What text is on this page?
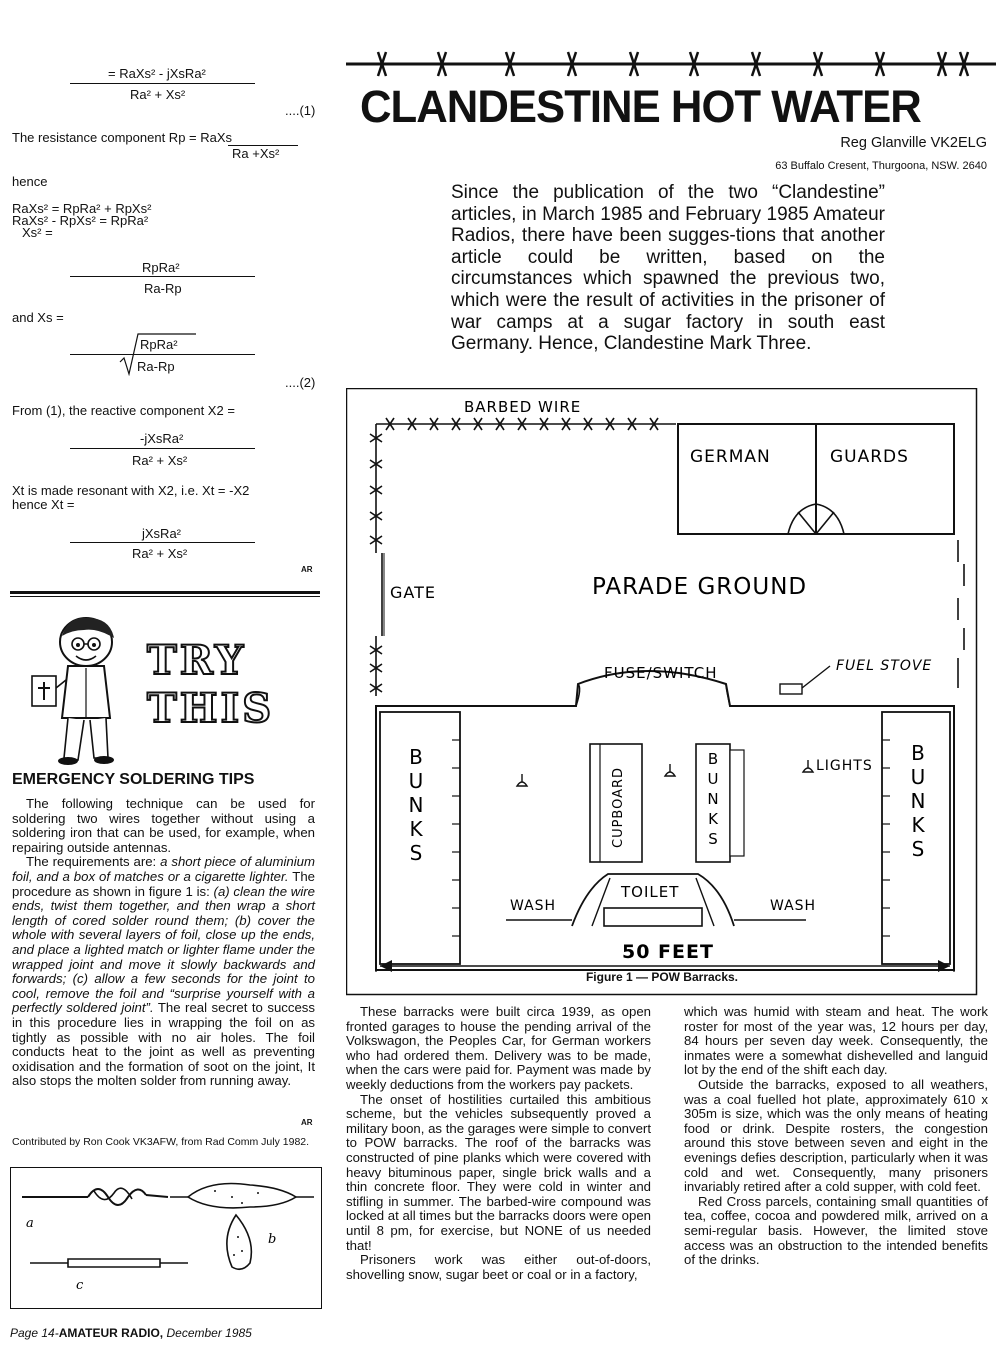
= RaXs² - jXsRa²
Ra² + Xs²
....(1)
The resistance component Rp = RaXs
Ra +Xs²
hence
RaXs² = RpRa² + RpXs²
RaXs² - RpXs² = RpRa²
Xs² =
RpRa²
Ra-Rp
and Xs =
RpRa²
Ra-Rp
....(2)
From (1), the reactive component X2 =
-jXsRa²
Ra² + Xs²
Xt is made resonant with X2, i.e. Xt = -X2
hence Xt =
jXsRa²
Ra² + Xs²
AR
TRY
THIS
EMERGENCY SOLDERING TIPS

The following technique can be used for soldering two wires together without using a soldering iron that can be used, for example, when repairing outside antennas.

The requirements are: a short piece of aluminium foil, and a box of matches or a cigarette lighter. The procedure as shown in figure 1 is: (a) clean the wire ends, twist them together, and then wrap a short length of cored solder round them; (b) cover the whole with several layers of foil, close up the ends, and place a lighted match or lighter flame under the wrapped joint and move it slowly backwards and forwards; (c) allow a few seconds for the joint to cool, remove the foil and “surprise yourself with a perfectly soldered joint”. The real secret to success in this procedure lies in wrapping the foil on as tightly as possible with no air holes. The foil conducts heat to the joint as well as preventing oxidisation and the formation of soot on the joint, It also stops the molten solder from running away.

AR
Contributed by Ron Cook VK3AFW, from Rad Comm July 1982.
a
b
c
Page 14-AMATEUR RADIO, December 1985
CLANDESTINE HOT WATER
Reg Glanville VK2ELG
63 Buffalo Cresent, Thurgoona, NSW. 2640
Since the publication of the two “Clandestine” articles, in March 1985 and February 1985 Amateur Radios, there have been sugges-tions that another article could be written, based on the circumstances which spawned the previous two, which were the result of activities in the prisoner of war camps at a sugar factory in south east Germany. Hence, Clandestine Mark Three.
BARBED WIRE
GERMAN	GUARDS
GATE	PARADE GROUND
FUSE/SWITCH	FUEL STOVE
LIGHTS
TOILET
WASH	WASH
50 FEET
CUPBOARD
B U N K S
B U N K S
B U N K S
Figure 1 — POW Barracks.

These barracks were built circa 1939, as open fronted garages to house the pending arrival of the Volkswagon, the Peoples Car, for German workers who had ordered them. Delivery was to be made, when the cars were paid for. Payment was made by weekly deductions from the workers pay packets.

The onset of hostilities curtailed this ambitious scheme, but the vehicles subsequently proved a military boon, as the garages were simple to convert to POW barracks. The roof of the barracks was constructed of pine planks which were covered with heavy bituminous paper, single brick walls and a thin concrete floor. They were cold in winter and stifling in summer. The barbed-wire compound was locked at all times but the barracks doors were open until 8 pm, for exercise, but NONE of us needed that!

Prisoners work was either out-of-doors, shovelling snow, sugar beet or coal or in a factory,

which was humid with steam and heat. The work roster for most of the year was, 12 hours per day, 84 hours per seven day week. Consequently, the inmates were a somewhat dishevelled and languid lot by the end of the shift each day.

Outside the barracks, exposed to all weathers, was a coal fuelled hot plate, approximately 610 x 305m is size, which was the only means of heating food or drink. Despite rosters, the congestion around this stove between seven and eight in the evenings defies description, particularly when it was cold and wet. Consequently, many prisoners invariably retired after a cold supper, with cold feet.

Red Cross parcels, containing small quantities of tea, coffee, cocoa and powdered milk, arrived on a semi-regular basis. However, the limited stove access was an obstruction to the intended benefits of the drinks.
